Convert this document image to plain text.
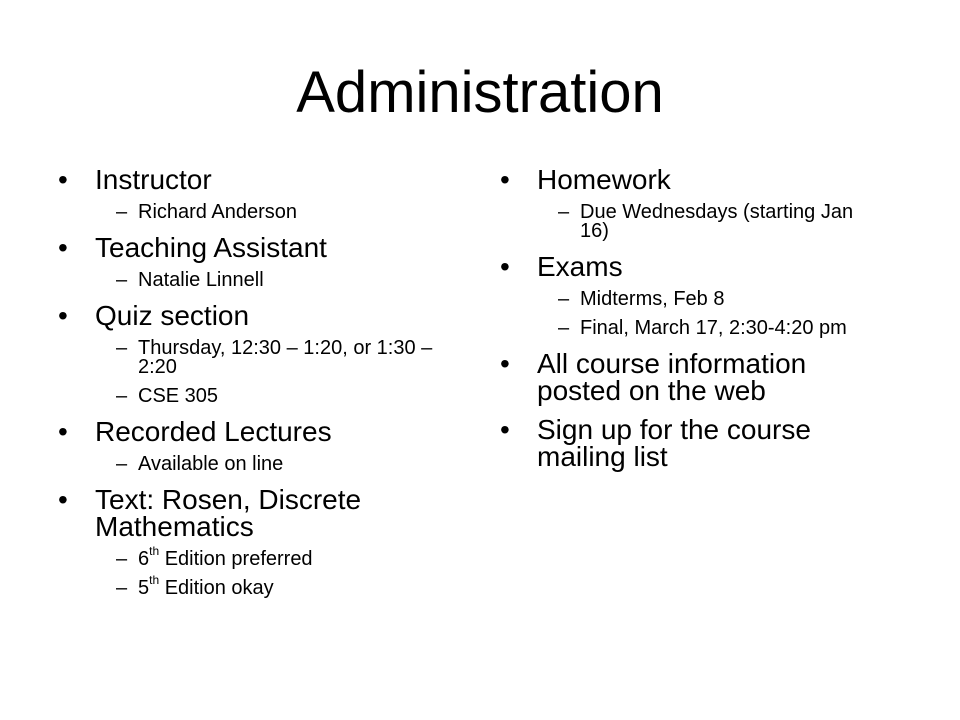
Administration
• Instructor
– Richard Anderson
• Teaching Assistant
– Natalie Linnell
• Quiz section
– Thursday, 12:30 – 1:20, or 1:30 – 2:20
– CSE 305
• Recorded Lectures
– Available on line
• Text: Rosen, Discrete Mathematics
– 6th Edition preferred
– 5th Edition okay
• Homework
– Due Wednesdays (starting Jan 16)
• Exams
– Midterms, Feb 8
– Final, March 17, 2:30-4:20 pm
• All course information posted on the web
• Sign up for the course mailing list
